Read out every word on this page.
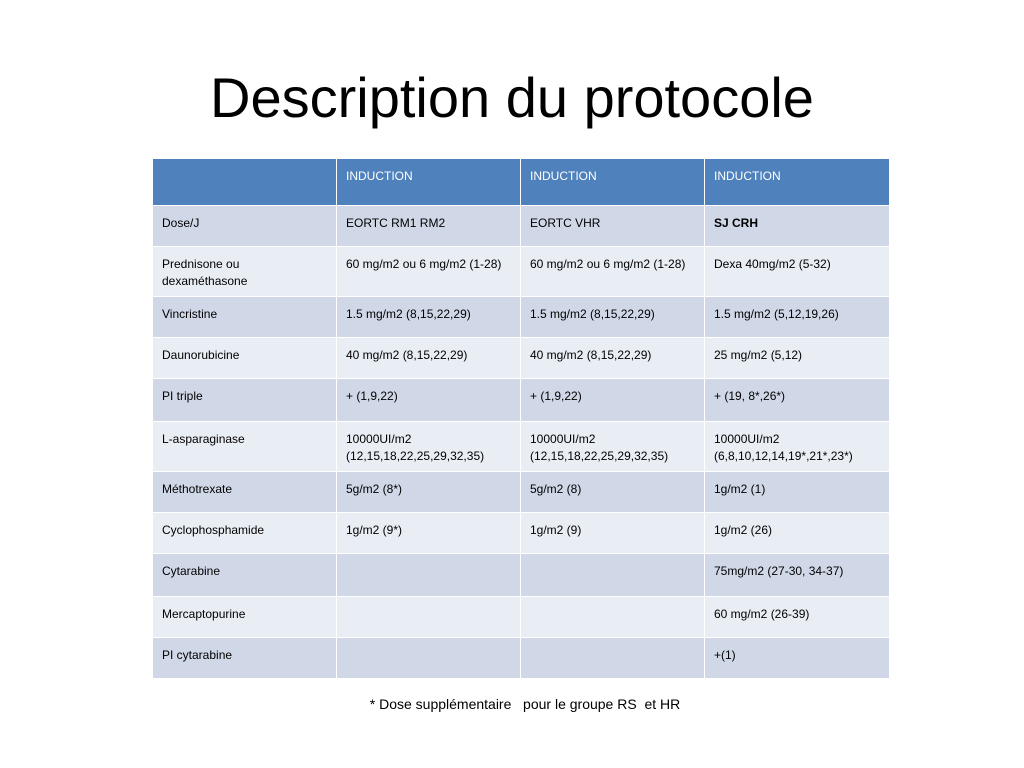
Description du protocole
	INDUCTION	INDUCTION	INDUCTION
Dose/J	EORTC RM1 RM2	EORTC VHR	SJ CRH
Prednisone ou dexaméthasone	60 mg/m2 ou 6 mg/m2 (1-28)	60 mg/m2 ou 6 mg/m2 (1-28)	Dexa 40mg/m2 (5-32)
Vincristine	1.5 mg/m2 (8,15,22,29)	1.5 mg/m2 (8,15,22,29)	1.5 mg/m2 (5,12,19,26)
Daunorubicine	40 mg/m2 (8,15,22,29)	40 mg/m2 (8,15,22,29)	25 mg/m2 (5,12)
PI triple	+ (1,9,22)	+ (1,9,22)	+ (19, 8*,26*)
L-asparaginase	10000UI/m2 (12,15,18,22,25,29,32,35)	10000UI/m2 (12,15,18,22,25,29,32,35)	10000UI/m2 (6,8,10,12,14,19*,21*,23*)
Méthotrexate	5g/m2 (8*)	5g/m2 (8)	1g/m2 (1)
Cyclophosphamide	1g/m2 (9*)	1g/m2 (9)	1g/m2 (26)
Cytarabine			75mg/m2 (27-30, 34-37)
Mercaptopurine			60 mg/m2 (26-39)
PI cytarabine			+(1)
* Dose supplémentaire   pour le groupe RS  et HR
